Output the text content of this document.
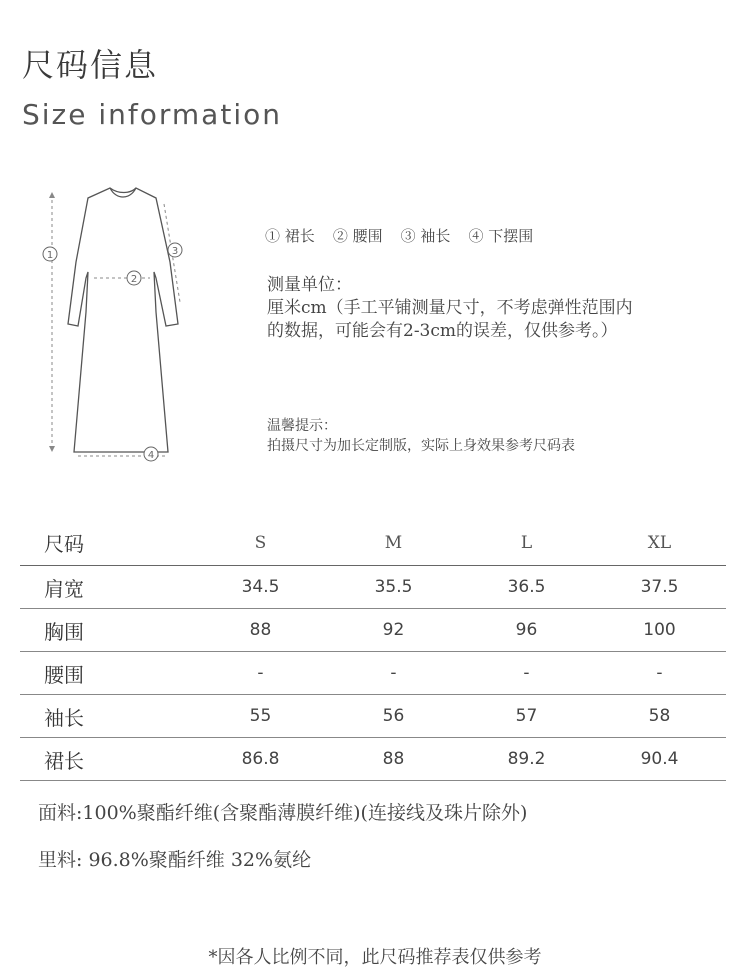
尺码信息
Size information
1
2
3
4
① 裙长 ② 腰围 ③ 袖长 ④ 下摆围
测量单位：
厘米cm（手工平铺测量尺寸，不考虑弹性范围内
的数据，可能会有2-3cm的误差，仅供参考。）
温馨提示：
拍摄尺寸为加长定制版，实际上身效果参考尺码表
尺码	S	M	L	XL
肩宽	34.5	35.5	36.5	37.5
胸围	88	92	96	100
腰围	-	-	-	-
袖长	55	56	57	58
裙长	86.8	88	89.2	90.4
面料:100%聚酯纤维(含聚酯薄膜纤维)(连接线及珠片除外)
里料: 96.8%聚酯纤维 32%氨纶
*因各人比例不同，此尺码推荐表仅供参考
